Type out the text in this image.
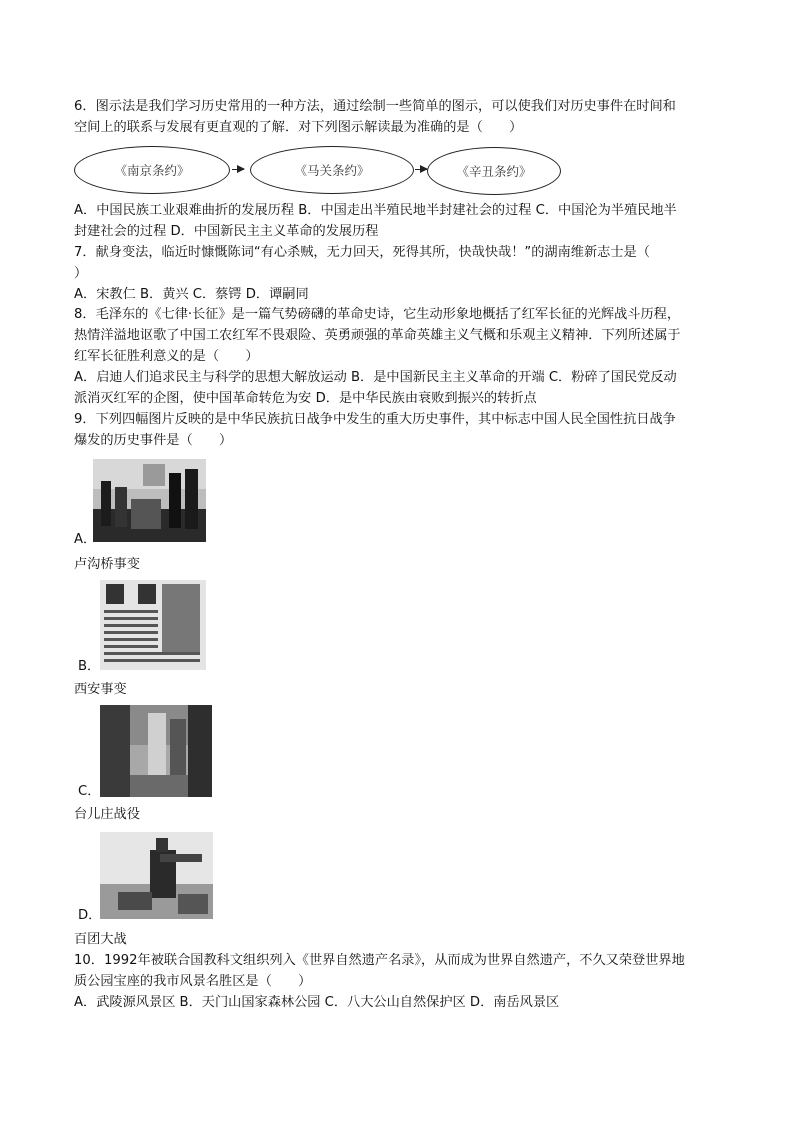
6．图示法是我们学习历史常用的一种方法，通过绘制一些简单的图示，可以使我们对历史事件在时间和
空间上的联系与发展有更直观的了解．对下列图示解读最为准确的是（　　）
《南京条约》	《马关条约》	《辛丑条约》
A．中国民族工业艰难曲折的发展历程 B．中国走出半殖民地半封建社会的过程 C．中国沦为半殖民地半
封建社会的过程 D．中国新民主主义革命的发展历程
7．献身变法，临近时慷慨陈词“有心杀贼，无力回天，死得其所，快哉快哉！”的湖南维新志士是（
）
A．宋教仁 B．黄兴 C．蔡锷 D．谭嗣同
8．毛泽东的《七律·长征》是一篇气势磅礴的革命史诗，它生动形象地概括了红军长征的光辉战斗历程，
热情洋溢地讴歌了中国工农红军不畏艰险、英勇顽强的革命英雄主义气概和乐观主义精神．下列所述属于
红军长征胜利意义的是（　　）
A．启迪人们追求民主与科学的思想大解放运动 B．是中国新民主主义革命的开端 C．粉碎了国民党反动
派消灭红军的企图，使中国革命转危为安 D．是中华民族由衰败到振兴的转折点
9．下列四幅图片反映的是中华民族抗日战争中发生的重大历史事件，其中标志中国人民全国性抗日战争
爆发的历史事件是（　　）
A．
卢沟桥事变
B．
西安事变
C．
台儿庄战役
D．
百团大战
10．1992年被联合国教科文组织列入《世界自然遗产名录》，从而成为世界自然遗产，不久又荣登世界地
质公园宝座的我市风景名胜区是（　　）
A．武陵源风景区 B．天门山国家森林公园 C．八大公山自然保护区 D．南岳风景区
